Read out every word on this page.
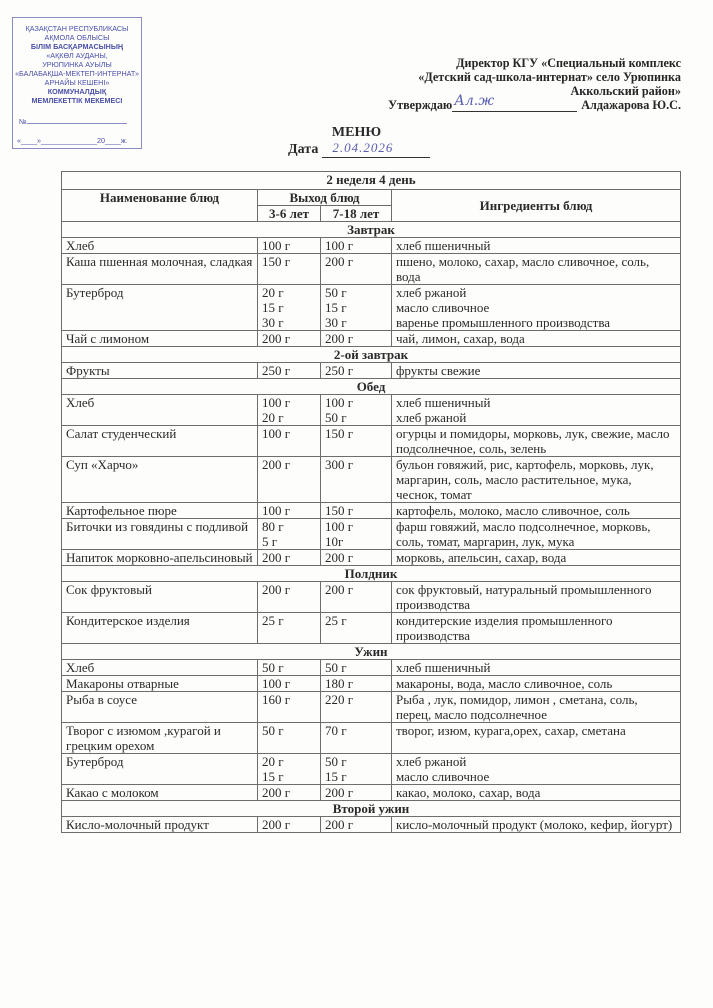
ҚАЗАҚСТАН РЕСПУБЛИКАСЫ
АҚМОЛА ОБЛЫСЫ
БІЛІМ БАСҚАРМАСЫНЫҢ
«АҚКӨЛ АУДАНЫ,
УРЮПИНКА АУЫЛЫ
«БАЛАБАҚША-МЕКТЕП-ИНТЕРНАТ»
АРНАЙЫ КЕШЕНІ»
КОММУНАЛДЫҚ
МЕМЛЕКЕТТІК МЕКЕМЕСІ
№
«____»______________20____ж.
Директор КГУ «Специальный комплекс
«Детский сад-школа-интернат» село Урюпинка
Аккольский район»
Утверждаю Ал.ж	Алдажарова Ю.С.
МЕНЮ
Дата 2.04.2026
2 неделя 4 день			
Наименование блюд	Выход блюд		Ингредиенты блюд
	3-6 лет	7-18 лет	
Завтрак			
Хлеб	100 г	100 г	хлеб пшеничный

Каша пшенная молочная, сладкая	150 г	200 г	пшено, молоко, сахар, масло сливочное, соль, вода

Бутерброд	20 г
15 г
30 г	50 г
15 г
30 г	хлеб ржаной
масло сливочное
варенье промышленного производства

Чай с лимоном	200 г	200 г	чай, лимон, сахар, вода

2-ой завтрак			
Фрукты	250 г	250 г	фрукты свежие

Обед			
Хлеб	100 г
20 г	100 г
50 г	хлеб пшеничный
хлеб ржаной

Салат студенческий	100 г	150 г	огурцы и помидоры, морковь, лук, свежие, масло подсолнечное, соль, зелень

Суп «Харчо»	200 г	300 г	бульон говяжий, рис, картофель, морковь, лук, маргарин, соль, масло растительное, мука, чеснок, томат

Картофельное пюре	100 г	150 г	картофель, молоко, масло сливочное, соль

Биточки из говядины с подливой	80 г
5 г	100 г
10г	фарш говяжий, масло подсолнечное, морковь, соль, томат, маргарин, лук, мука

Напиток морковно-апельсиновый	200 г	200 г	морковь, апельсин, сахар, вода

Полдник			
Сок фруктовый	200 г	200 г	сок фруктовый, натуральный промышленного производства

Кондитерское изделия	25 г	25 г	кондитерские изделия промышленного производства

Ужин			
Хлеб	50 г	50 г	хлеб пшеничный

Макароны отварные	100 г	180 г	макароны, вода, масло сливочное, соль

Рыба в соусе	160 г	220 г	Рыба , лук, помидор, лимон , сметана, соль, перец, масло подсолнечное

Творог с изюмом ,курагой и грецким орехом	50 г	70 г	творог, изюм, курага,орех, сахар, сметана

Бутерброд	20 г
15 г	50 г
15 г	хлеб ржаной
масло сливочное

Какао с молоком	200 г	200 г	какао, молоко, сахар, вода

Второй ужин			
Кисло-молочный продукт	200 г	200 г	кисло-молочный продукт (молоко, кефир, йогурт)
